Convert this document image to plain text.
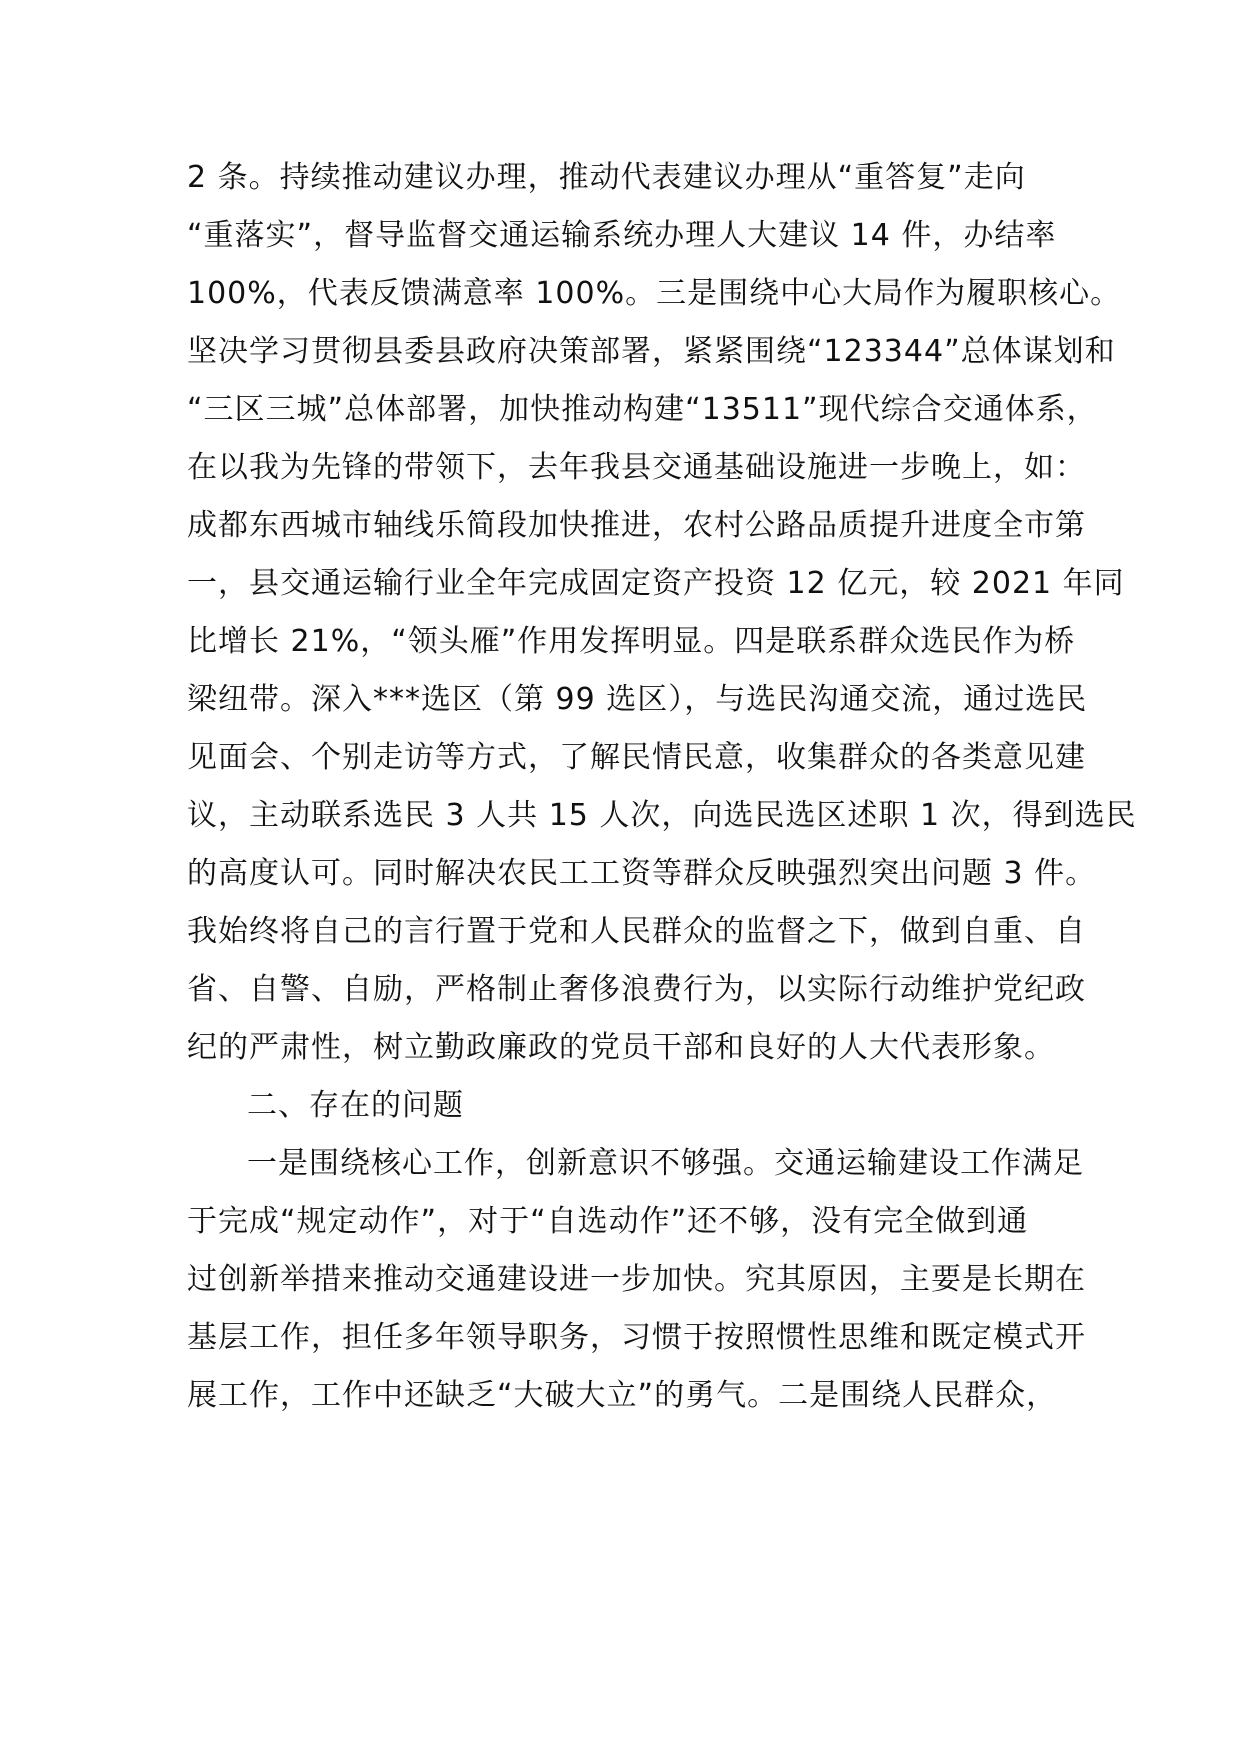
2 条。持续推动建议办理，推动代表建议办理从“重答复”走向
“重落实”，督导监督交通运输系统办理人大建议 14 件，办结率
100%，代表反馈满意率 100%。三是围绕中心大局作为履职核心。
坚决学习贯彻县委县政府决策部署，紧紧围绕“123344”总体谋划和
“三区三城”总体部署，加快推动构建“13511”现代综合交通体系，
在以我为先锋的带领下，去年我县交通基础设施进一步晚上，如：
成都东西城市轴线乐简段加快推进，农村公路品质提升进度全市第
一，县交通运输行业全年完成固定资产投资 12 亿元，较 2021 年同
比增长 21%，“领头雁”作用发挥明显。四是联系群众选民作为桥
梁纽带。深入***选区（第 99 选区），与选民沟通交流，通过选民
见面会、个别走访等方式，了解民情民意，收集群众的各类意见建
议，主动联系选民 3 人共 15 人次，向选民选区述职 1 次，得到选民
的高度认可。同时解决农民工工资等群众反映强烈突出问题 3 件。
我始终将自己的言行置于党和人民群众的监督之下，做到自重、自
省、自警、自励，严格制止奢侈浪费行为，以实际行动维护党纪政
纪的严肃性，树立勤政廉政的党员干部和良好的人大代表形象。
二、存在的问题
一是围绕核心工作，创新意识不够强。交通运输建设工作满足
于完成“规定动作”，对于“自选动作”还不够，没有完全做到通
过创新举措来推动交通建设进一步加快。究其原因，主要是长期在
基层工作，担任多年领导职务，习惯于按照惯性思维和既定模式开
展工作，工作中还缺乏“大破大立”的勇气。二是围绕人民群众，
